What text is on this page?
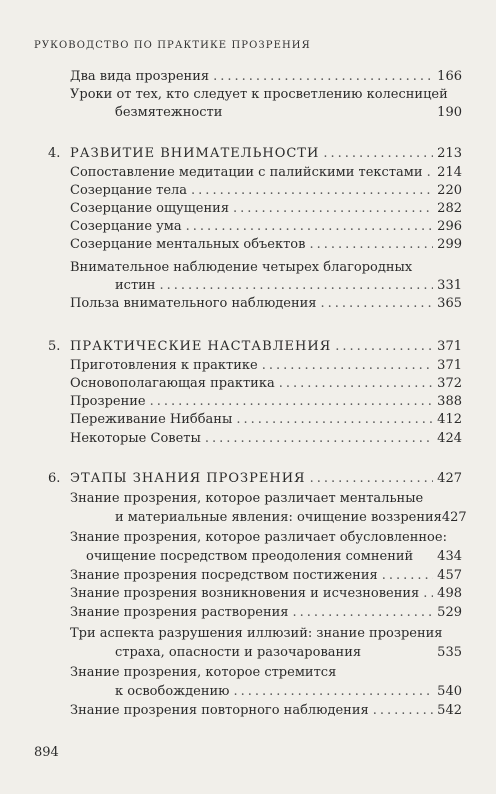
РУКОВОДСТВО ПО ПРАКТИКЕ ПРОЗРЕНИЯ
Два вида прозрения .....	166
Уроки от тех, кто следует к просветлению колесницей
безмятежности	190
4. РАЗВИТИЕ ВНИМАТЕЛЬНОСТИ .....	213
Сопоставление медитации с палийскими текстами ..... 214
Созерцание тела .....	220
Созерцание ощущения .....	282
Созерцание ума .....	296
Созерцание ментальных объектов .....	299
Внимательное наблюдение четырех благородных
истин .....	331
Польза внимательного наблюдения .....	365
5. ПРАКТИЧЕСКИЕ НАСТАВЛЕНИЯ .....	371
Приготовления к практике .....	371
Основополагающая практика .....	372
Прозрение .....	388
Переживание Ниббаны .....	412
Некоторые Советы .....	424
6. ЭТАПЫ ЗНАНИЯ ПРОЗРЕНИЯ .....	427
Знание прозрения, которое различает ментальные
и материальные явления: очищение воззрения 427
Знание прозрения, которое различает обусловленное:
очищение посредством преодоления сомнений 434
Знание прозрения посредством постижения .....	457
Знание прозрения возникновения и исчезновения ..... 498
Знание прозрения растворения .....	529
Три аспекта разрушения иллюзий: знание прозрения
страха, опасности и разочарования	535
Знание прозрения, которое стремится
к освобождению .....	540
Знание прозрения повторного наблюдения .....	542
894
